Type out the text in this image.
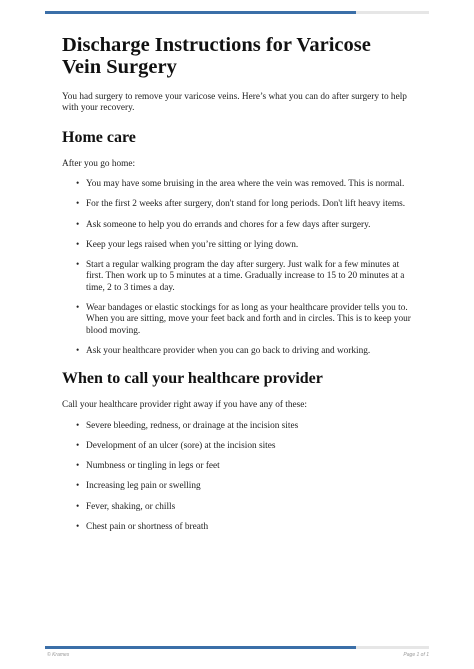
Discharge Instructions for Varicose Vein Surgery

You had surgery to remove your varicose veins. Here’s what you can do after surgery to help with your recovery.

Home care

After you go home:

• You may have some bruising in the area where the vein was removed. This is normal.
• For the first 2 weeks after surgery, don't stand for long periods. Don't lift heavy items.
• Ask someone to help you do errands and chores for a few days after surgery.
• Keep your legs raised when you’re sitting or lying down.
• Start a regular walking program the day after surgery. Just walk for a few minutes at first. Then work up to 5 minutes at a time. Gradually increase to 15 to 20 minutes at a time, 2 to 3 times a day.
• Wear bandages or elastic stockings for as long as your healthcare provider tells you to. When you are sitting, move your feet back and forth and in circles. This is to keep your blood moving.
• Ask your healthcare provider when you can go back to driving and working.
When to call your healthcare provider

Call your healthcare provider right away if you have any of these:

• Severe bleeding, redness, or drainage at the incision sites
• Development of an ulcer (sore) at the incision sites
• Numbness or tingling in legs or feet
• Increasing leg pain or swelling
• Fever, shaking, or chills
• Chest pain or shortness of breath
© Krames	Page 1 of 1
